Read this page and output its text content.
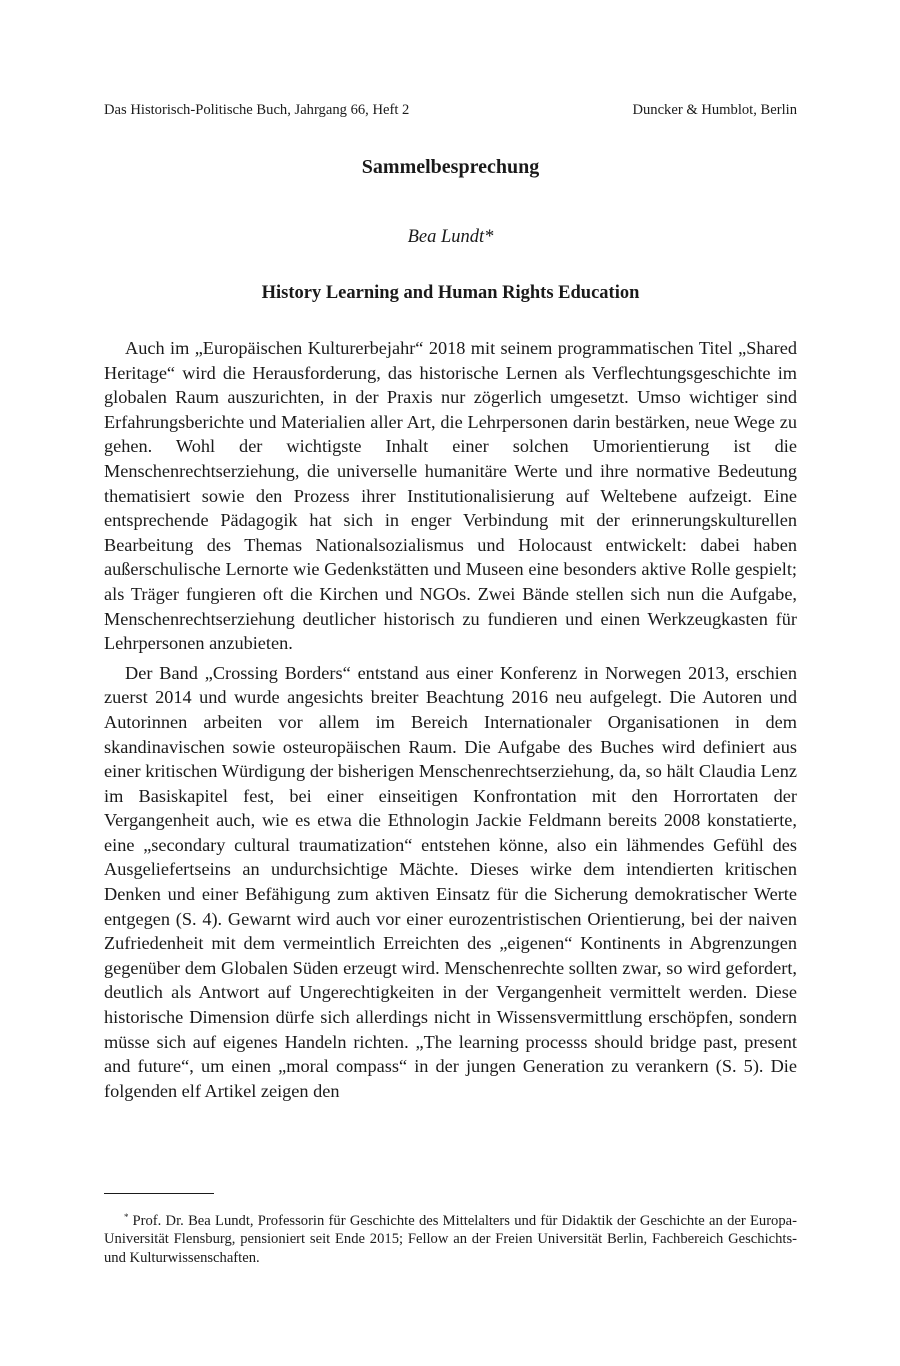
Das Historisch-Politische Buch, Jahrgang 66, Heft 2	Duncker & Humblot, Berlin
Sammelbesprechung
Bea Lundt*
History Learning and Human Rights Education

Auch im „Europäischen Kulturerbejahr“ 2018 mit seinem programmatischen Titel „Shared Heritage“ wird die Herausforderung, das historische Lernen als Verflechtungsgeschichte im globalen Raum auszurichten, in der Praxis nur zögerlich umgesetzt. Umso wichtiger sind Erfahrungsberichte und Materialien aller Art, die Lehrpersonen darin bestärken, neue Wege zu gehen. Wohl der wichtigste Inhalt einer solchen Umorientierung ist die Menschenrechtserziehung, die universelle humanitäre Werte und ihre normative Bedeutung thematisiert sowie den Prozess ihrer Institutionalisierung auf Weltebene aufzeigt. Eine entsprechende Pädagogik hat sich in enger Verbindung mit der erinnerungskulturellen Bearbeitung des Themas Nationalsozialismus und Holocaust entwickelt: dabei haben außerschulische Lernorte wie Gedenkstätten und Museen eine besonders aktive Rolle gespielt; als Träger fungieren oft die Kirchen und NGOs. Zwei Bände stellen sich nun die Aufgabe, Menschenrechtserziehung deutlicher historisch zu fundieren und einen Werkzeugkasten für Lehrpersonen anzubieten.

Der Band „Crossing Borders“ entstand aus einer Konferenz in Norwegen 2013, erschien zuerst 2014 und wurde angesichts breiter Beachtung 2016 neu aufgelegt. Die Autoren und Autorinnen arbeiten vor allem im Bereich Internationaler Organisationen in dem skandinavischen sowie osteuropäischen Raum. Die Aufgabe des Buches wird definiert aus einer kritischen Würdigung der bisherigen Menschenrechtserziehung, da, so hält Claudia Lenz im Basiskapitel fest, bei einer einseitigen Konfrontation mit den Horrortaten der Vergangenheit auch, wie es etwa die Ethnologin Jackie Feldmann bereits 2008 konstatierte, eine „secondary cultural traumatization“ entstehen könne, also ein lähmendes Gefühl des Ausgeliefertseins an undurchsichtige Mächte. Dieses wirke dem intendierten kritischen Denken und einer Befähigung zum aktiven Einsatz für die Sicherung demokratischer Werte entgegen (S. 4). Gewarnt wird auch vor einer eurozentristischen Orientierung, bei der naiven Zufriedenheit mit dem vermeintlich Erreichten des „eigenen“ Kontinents in Abgrenzungen gegenüber dem Globalen Süden erzeugt wird. Menschenrechte sollten zwar, so wird gefordert, deutlich als Antwort auf Ungerechtigkeiten in der Vergangenheit vermittelt werden. Diese historische Dimension dürfe sich allerdings nicht in Wissensvermittlung erschöpfen, sondern müsse sich auf eigenes Handeln richten. „The learning processs should bridge past, present and future“, um einen „moral compass“ in der jungen Generation zu verankern (S. 5). Die folgenden elf Artikel zeigen den

* Prof. Dr. Bea Lundt, Professorin für Geschichte des Mittelalters und für Didaktik der Geschichte an der Europa-Universität Flensburg, pensioniert seit Ende 2015; Fellow an der Freien Universität Berlin, Fachbereich Geschichts- und Kulturwissenschaften.
